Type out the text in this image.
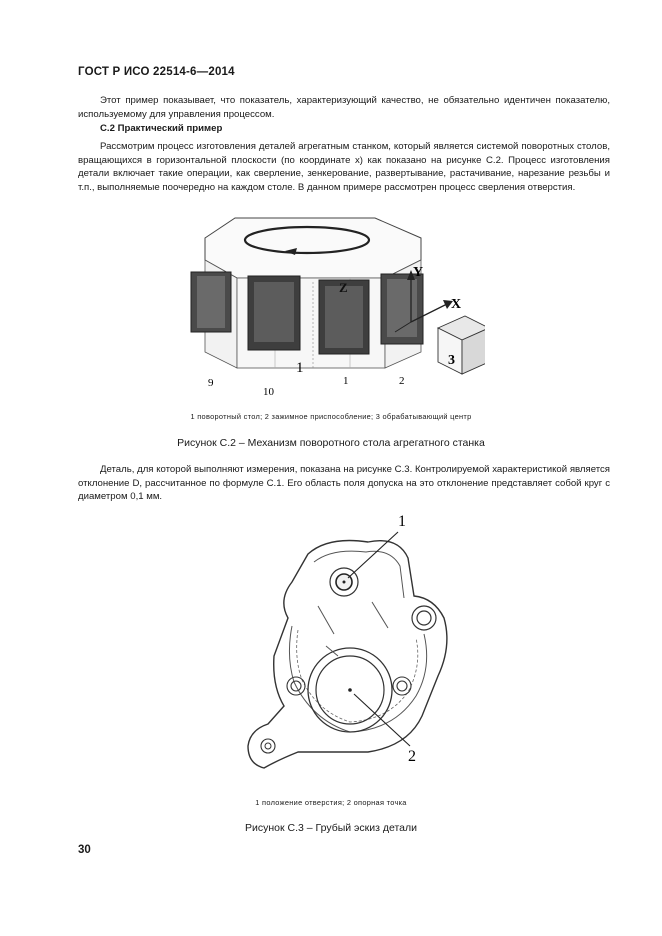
ГОСТ Р ИСО 22514-6—2014
Этот пример показывает, что показатель, характеризующий качество, не обязательно идентичен показателю, используемому для управления процессом.
С.2 Практический пример
Рассмотрим процесс изготовления деталей агрегатным станком, который является системой поворотных столов, вращающихся в горизонтальной плоскости (по координате x) как показано на рисунке С.2. Процесс изготовления детали включает такие операции, как сверление, зенкерование, развертывание, растачивание, нарезание резьбы и т.п., выполняемые поочередно на каждом столе. В данном примере рассмотрен процесс сверления отверстия.
Y
X
Z
1	3
9
10
1	2
1 поворотный стол; 2 зажимное приспособление; 3 обрабатывающий центр
Рисунок С.2 – Механизм поворотного стола агрегатного станка
Деталь, для которой выполняют измерения, показана на рисунке С.3. Контролируемой характеристикой является отклонение D, рассчитанное по формуле С.1. Его область поля допуска на это отклонение представляет собой круг с диаметром 0,1 мм.
1
2
1 положение отверстия; 2 опорная точка
Рисунок С.3 – Грубый эскиз детали
30
